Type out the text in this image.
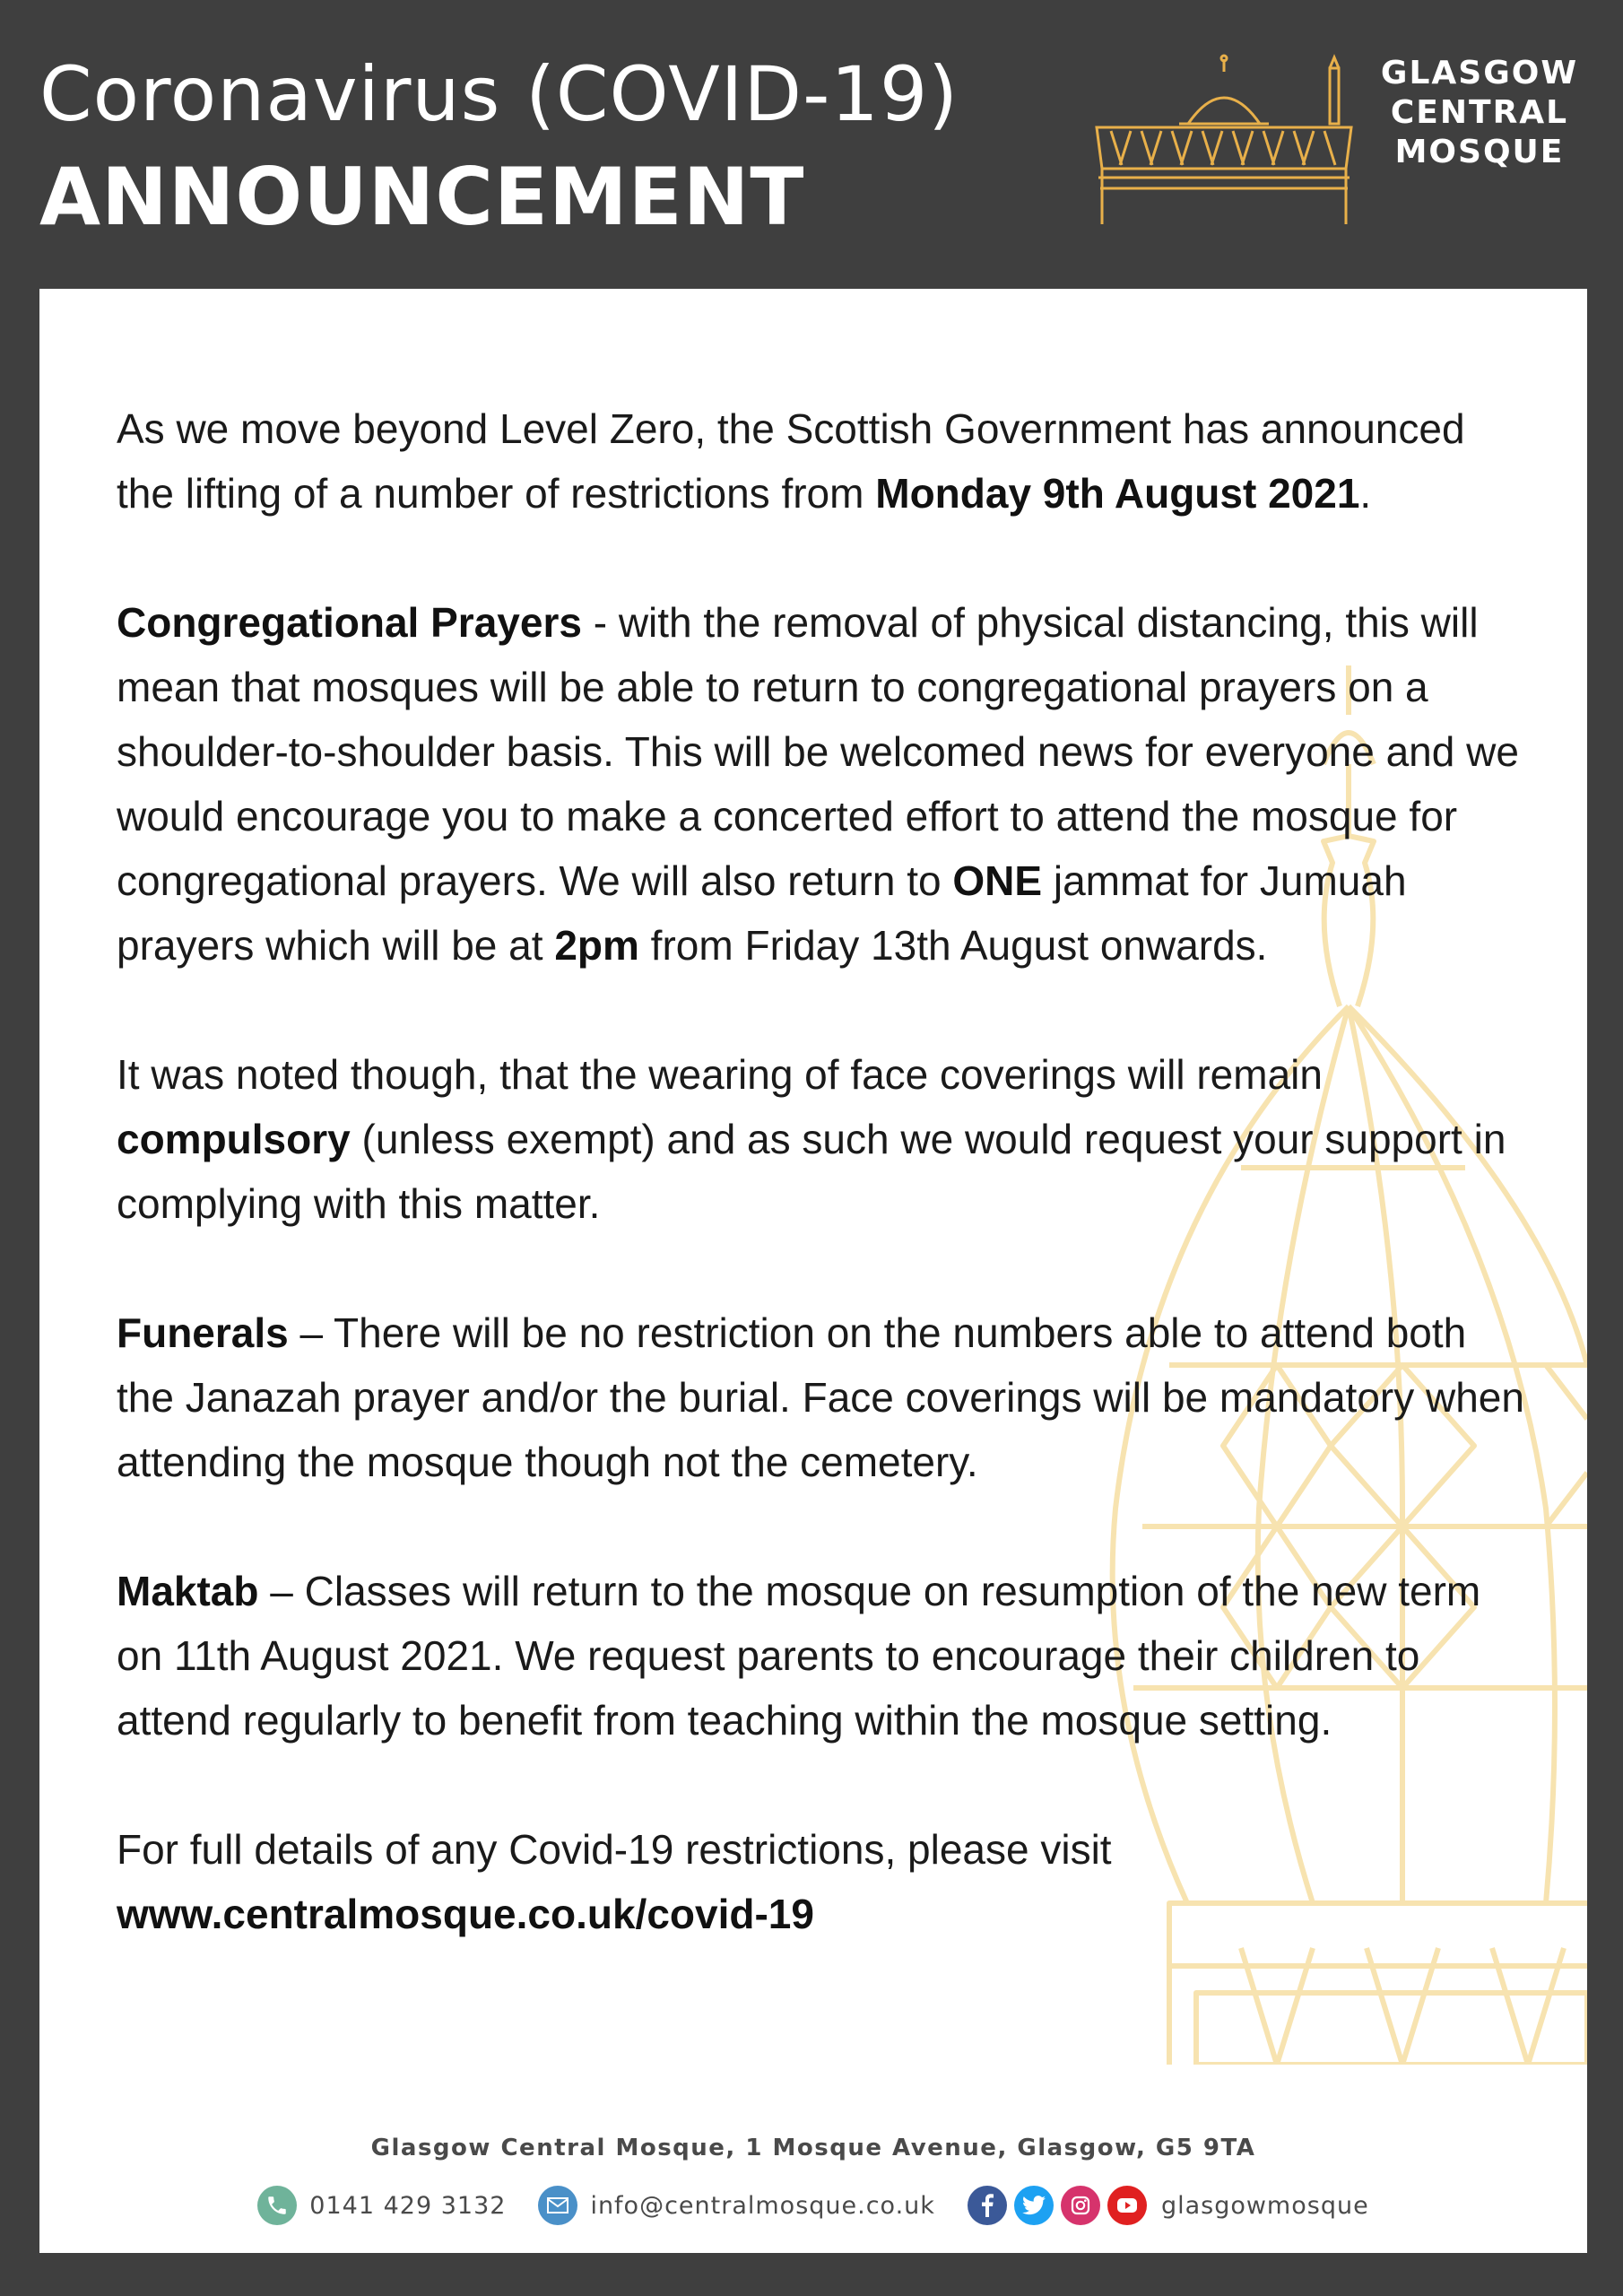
Coronavirus (COVID-19)
ANNOUNCEMENT
GLASGOW
CENTRAL
MOSQUE

As we move beyond Level Zero, the Scottish Government has announced the lifting of a number of restrictions from Monday 9th August 2021.

Congregational Prayers - with the removal of physical distancing, this will mean that mosques will be able to return to congregational prayers on a shoulder-to-shoulder basis. This will be welcomed news for everyone and we would encourage you to make a concerted effort to attend the mosque for congregational prayers. We will also return to ONE jammat for Jumuah prayers which will be at 2pm from Friday 13th August onwards.

It was noted though, that the wearing of face coverings will remain compulsory (unless exempt) and as such we would request your support in complying with this matter.

Funerals – There will be no restriction on the numbers able to attend both the Janazah prayer and/or the burial. Face coverings will be mandatory when attending the mosque though not the cemetery.

Maktab – Classes will return to the mosque on resumption of the new term on 11th August 2021. We request parents to encourage their children to attend regularly to benefit from teaching within the mosque setting.

For full details of any Covid-19 restrictions, please visit
www.centralmosque.co.uk/covid-19

Glasgow Central Mosque, 1 Mosque Avenue, Glasgow, G5 9TA
0141 429 3132	info@centralmosque.co.uk	glasgowmosque
